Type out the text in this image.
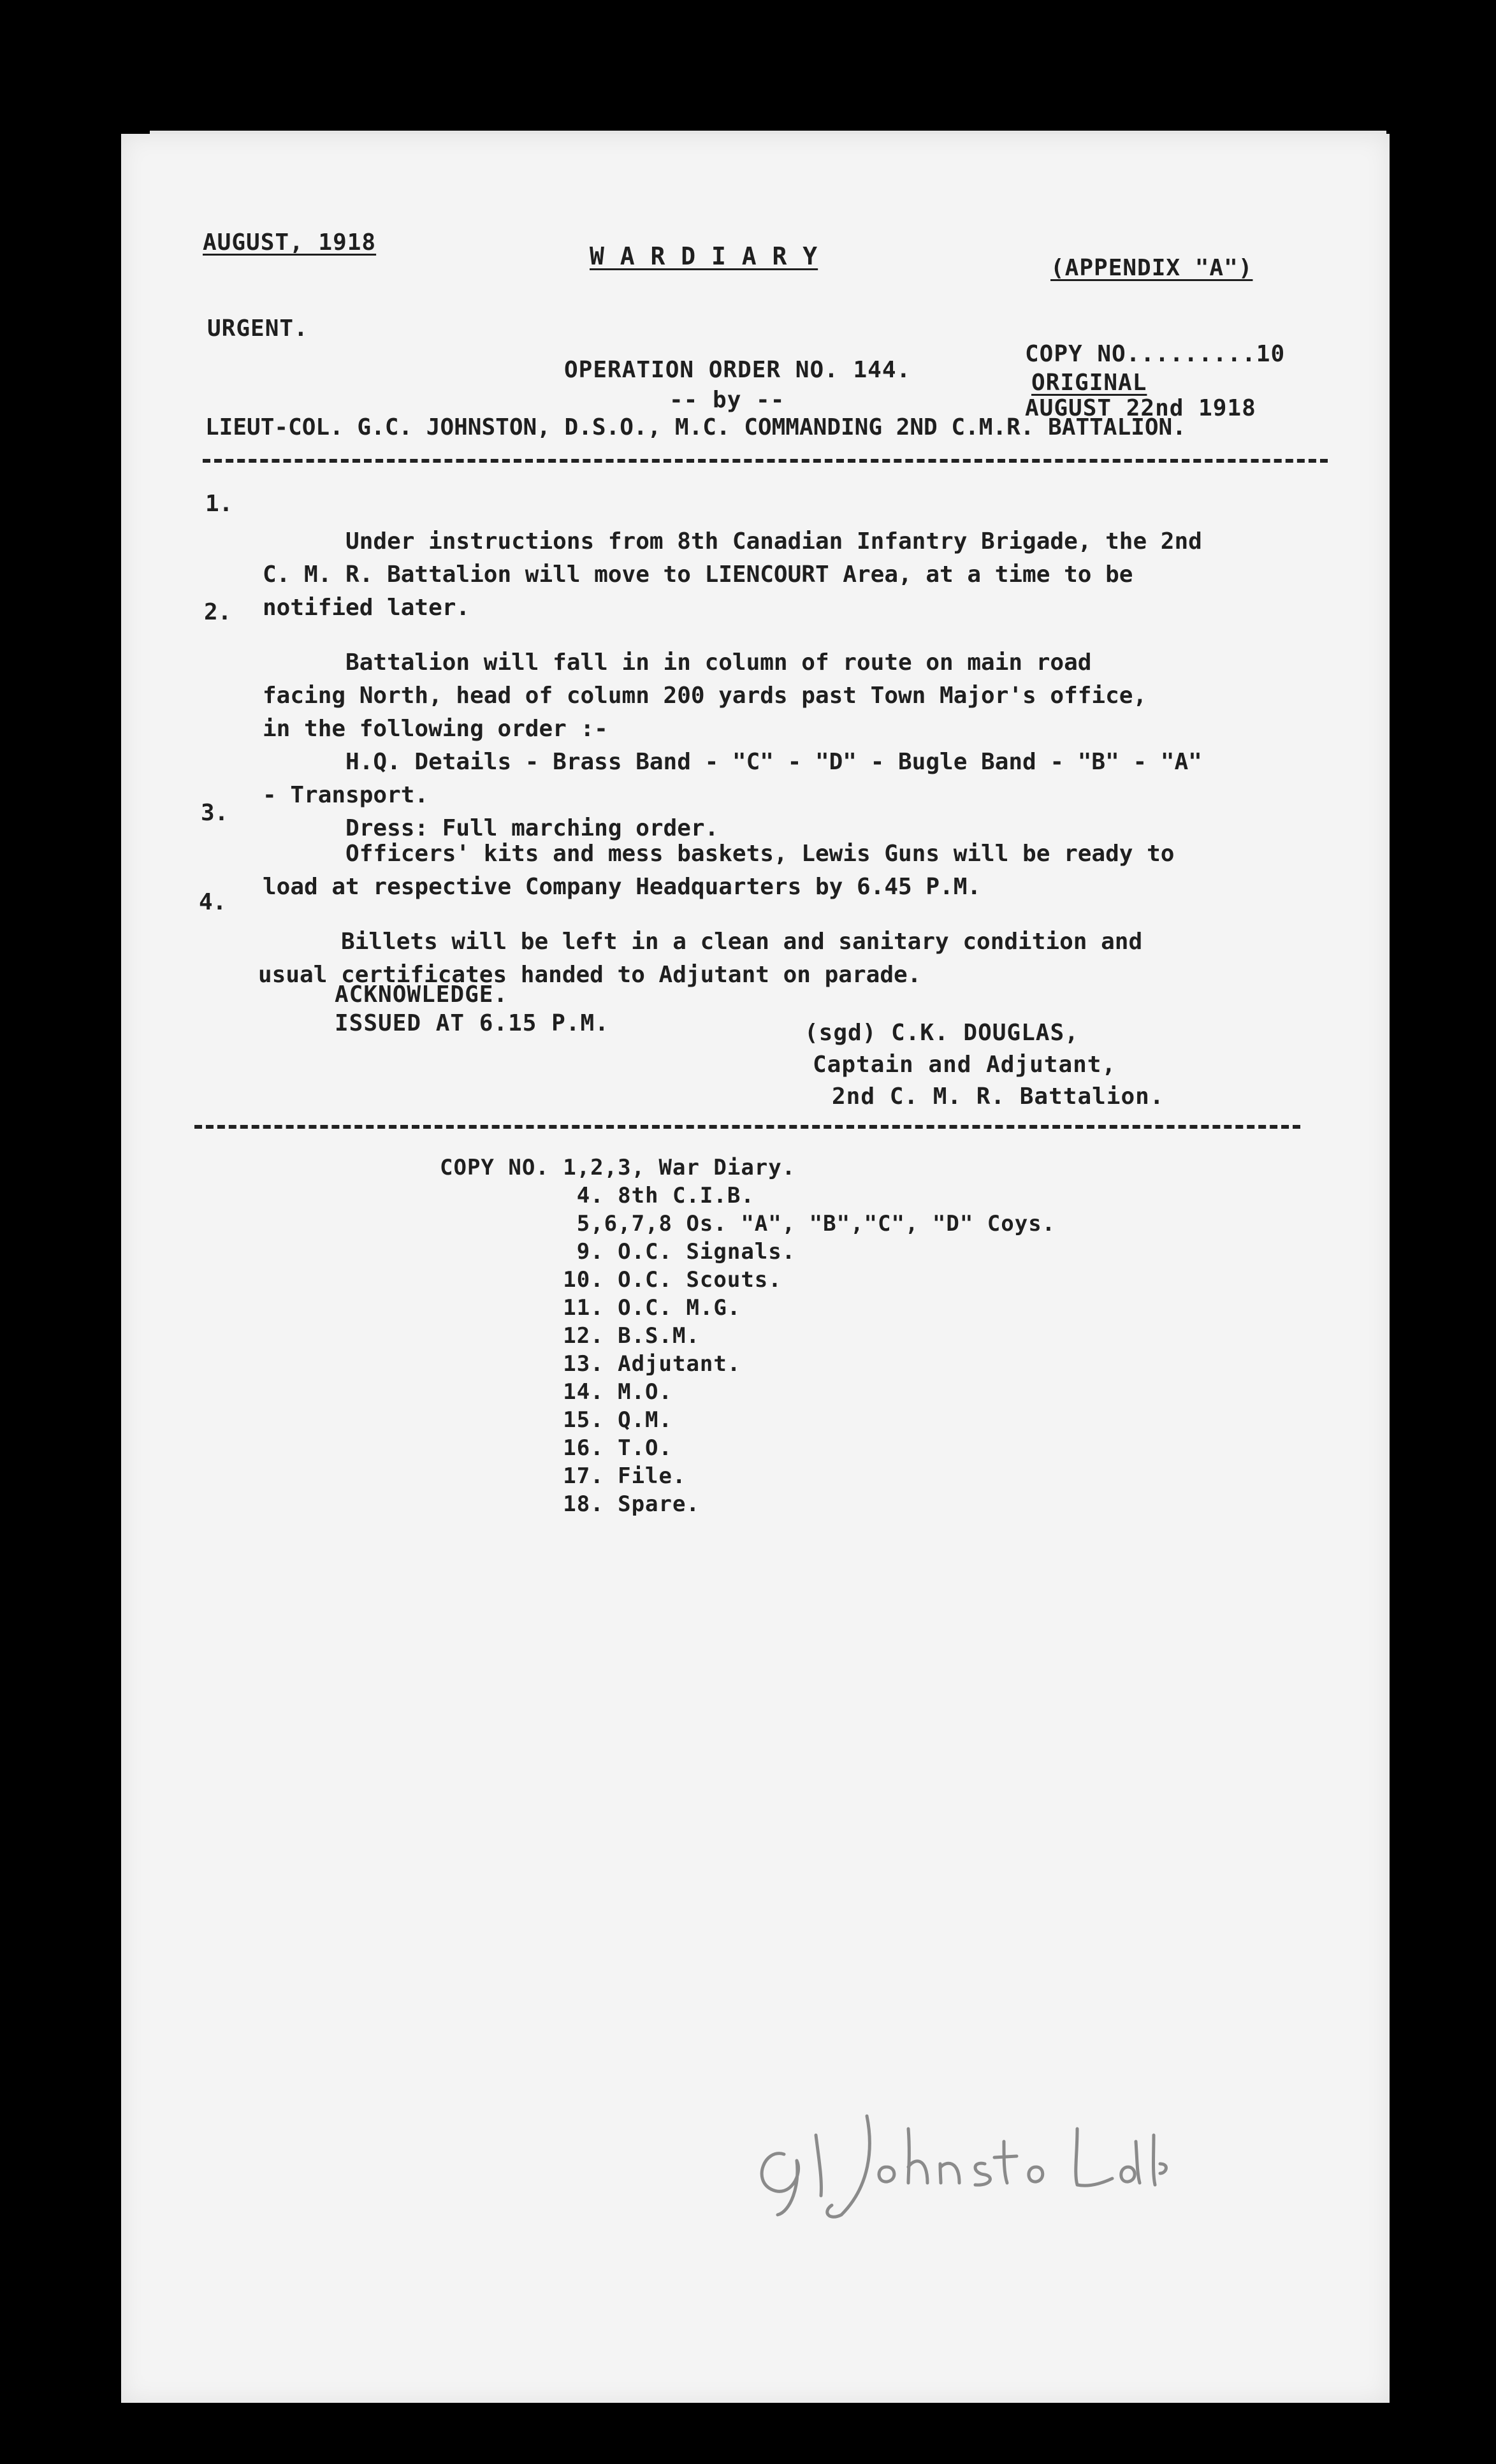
AUGUST, 1918	W A R D I A R Y	(APPENDIX "A")
URGENT.
OPERATION ORDER NO. 144.
COPY NO.........10
ORIGINAL
-- by --	AUGUST 22nd 1918
LIEUT-COL. G.C. JOHNSTON, D.S.O., M.C. COMMANDING 2ND C.M.R. BATTALION.
1.

Under instructions from 8th Canadian Infantry Brigade, the 2nd
C. M. R. Battalion will move to LIENCOURT Area, at a time to be
notified later.
2.

Battalion will fall in in column of route on main road
facing North, head of column 200 yards past Town Major's office,
in the following order :-
H.Q. Details - Brass Band - "C" - "D" - Bugle Band - "B" - "A"
- Transport.
Dress: Full marching order.
3.

Officers' kits and mess baskets, Lewis Guns will be ready to
load at respective Company Headquarters by 6.45 P.M.
4.

Billets will be left in a clean and sanitary condition and
usual certificates handed to Adjutant on parade.
ACKNOWLEDGE.
ISSUED AT 6.15 P.M.	(sgd) C.K. DOUGLAS,
Captain and Adjutant,
2nd C. M. R. Battalion.
COPY NO. 1,2,3, War Diary.
4. 8th C.I.B.
5,6,7,8 Os. "A", "B","C", "D" Coys.
9. O.C. Signals.
10. O.C. Scouts.
11. O.C. M.G.
12. B.S.M.
13. Adjutant.
14. M.O.
15. Q.M.
16. T.O.
17. File.
18. Spare.
